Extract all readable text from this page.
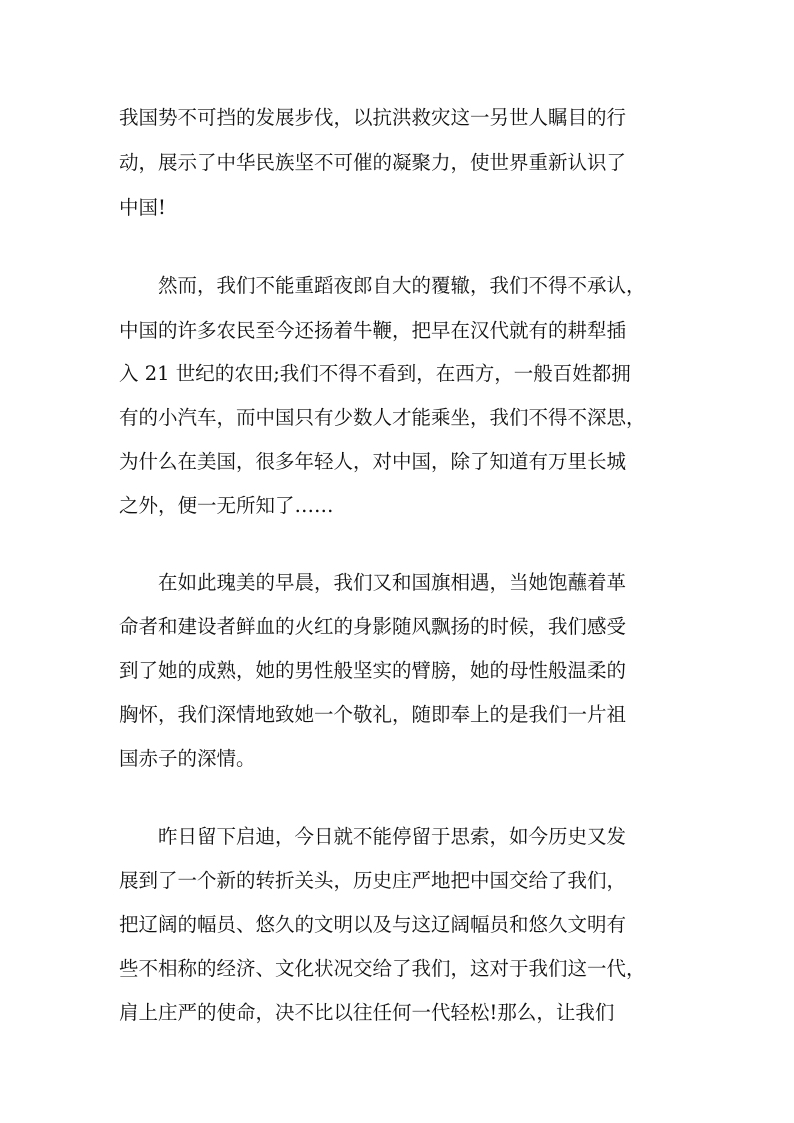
我国势不可挡的发展步伐，以抗洪救灾这一另世人瞩目的行
动，展示了中华民族坚不可催的凝聚力，使世界重新认识了
中国!
　　然而，我们不能重蹈夜郎自大的覆辙，我们不得不承认，
中国的许多农民至今还扬着牛鞭，把早在汉代就有的耕犁插
入 21 世纪的农田;我们不得不看到，在西方，一般百姓都拥
有的小汽车，而中国只有少数人才能乘坐，我们不得不深思，
为什么在美国，很多年轻人，对中国，除了知道有万里长城
之外，便一无所知了……
　　在如此瑰美的早晨，我们又和国旗相遇，当她饱蘸着革
命者和建设者鲜血的火红的身影随风飘扬的时候，我们感受
到了她的成熟，她的男性般坚实的臂膀，她的母性般温柔的
胸怀，我们深情地致她一个敬礼，随即奉上的是我们一片祖
国赤子的深情。
　　昨日留下启迪，今日就不能停留于思索，如今历史又发
展到了一个新的转折关头，历史庄严地把中国交给了我们，
把辽阔的幅员、悠久的文明以及与这辽阔幅员和悠久文明有
些不相称的经济、文化状况交给了我们，这对于我们这一代，
肩上庄严的使命，决不比以往任何一代轻松!那么，让我们
